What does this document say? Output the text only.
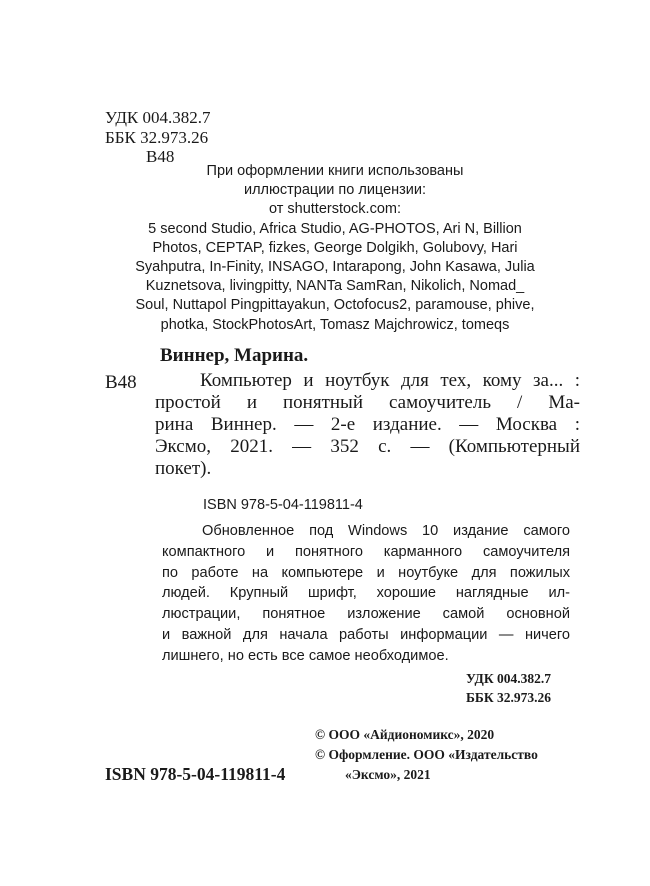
УДК 004.382.7
ББК 32.973.26
В48
При оформлении книги использованы
иллюстрации по лицензии:
от shutterstock.com:
5 second Studio, Africa Studio, AG-PHOTOS, Ari N, Billion
Photos, CEPTAP, fizkes, George Dolgikh, Golubovy, Hari
Syahputra, In-Finity, INSAGO, Intarapong, John Kasawa, Julia
Kuznetsova, livingpitty, NANTa SamRan, Nikolich, Nomad_
Soul, Nuttapol Pingpittayakun, Octofocus2, paramouse, phive,
photka, StockPhotosArt, Tomasz Majchrowicz, tomeqs
Виннер, Марина.
В48	Компьютер и ноутбук для тех, кому за... :
простой и понятный самоучитель / Ма-
рина Виннер. — 2-е издание. — Москва :
Эксмо, 2021. — 352 с. — (Компьютерный
покет).
ISBN 978-5-04-119811-4
Обновленное под Windows 10 издание самого
компактного и понятного карманного самоучителя
по работе на компьютере и ноутбуке для пожилых
людей. Крупный шрифт, хорошие наглядные ил-
люстрации, понятное изложение самой основной
и важной для начала работы информации — ничего
лишнего, но есть все самое необходимое.
УДК 004.382.7
ББК 32.973.26
ISBN 978-5-04-119811-4
© ООО «Айдиономикс», 2020
© Оформление. ООО «Издательство
«Эксмо», 2021
